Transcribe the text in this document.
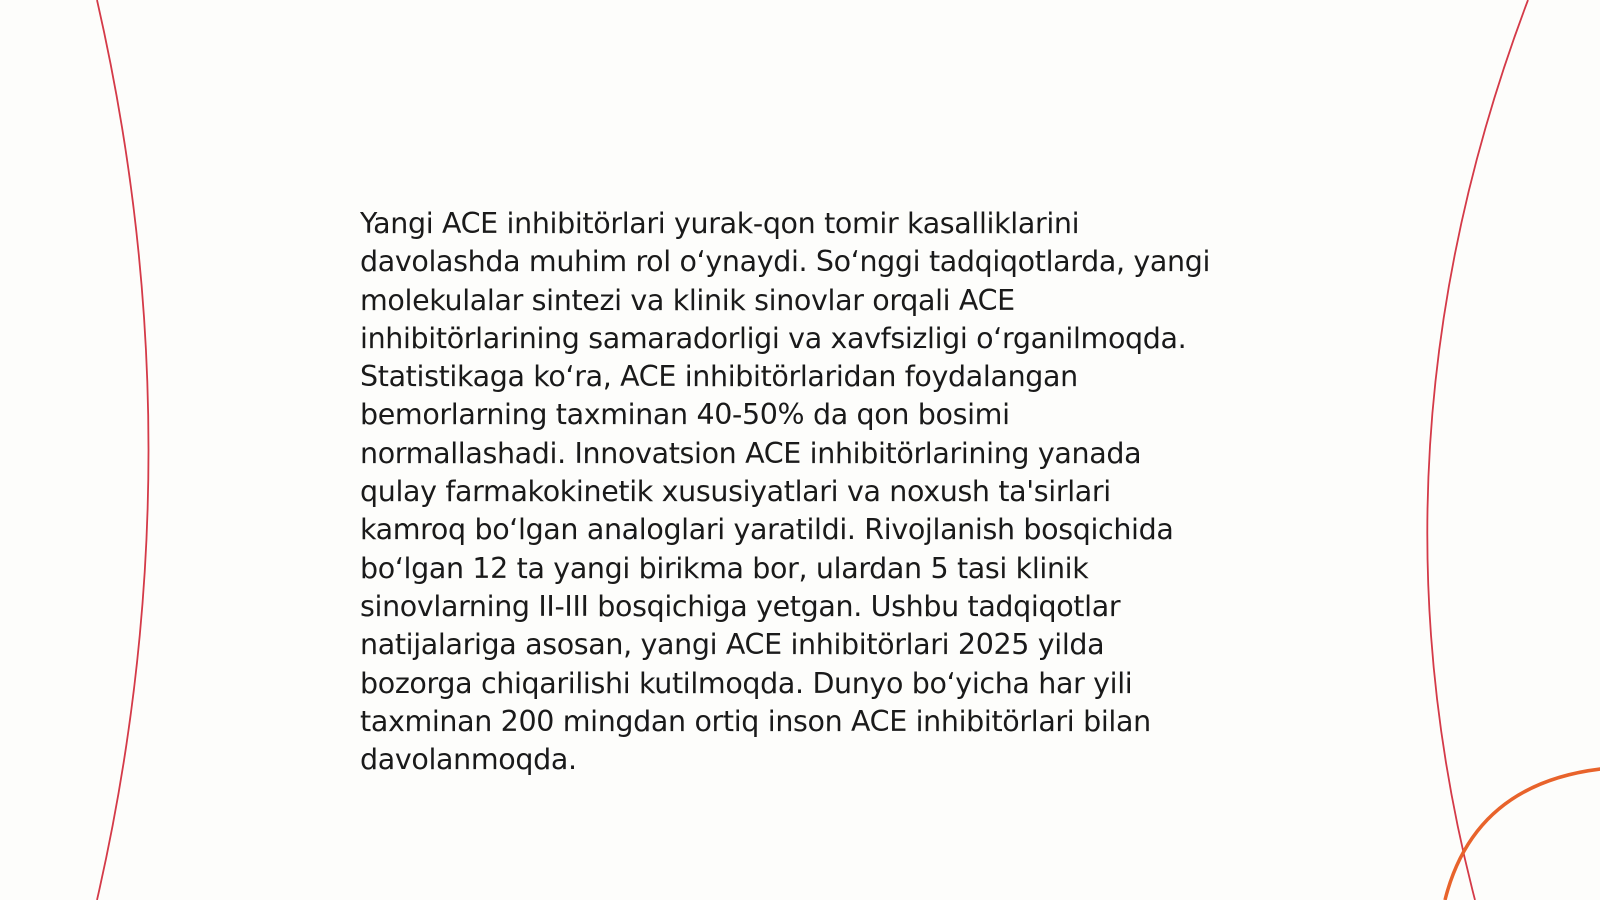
Yangi ACE inhibitörlari yurak-qon tomir kasalliklarini davolashda muhim rol oʻynaydi. Soʻnggi tadqiqotlarda, yangi molekulalar sintezi va klinik sinovlar orqali ACE inhibitörlarining samaradorligi va xavfsizligi oʻrganilmoqda. Statistikaga koʻra, ACE inhibitörlaridan foydalangan bemorlarning taxminan 40-50% da qon bosimi normallashadi. Innovatsion ACE inhibitörlarining yanada qulay farmakokinetik xususiyatlari va noxush ta'sirlari kamroq boʻlgan analoglari yaratildi. Rivojlanish bosqichida boʻlgan 12 ta yangi birikma bor, ulardan 5 tasi klinik sinovlarning II-III bosqichiga yetgan. Ushbu tadqiqotlar natijalariga asosan, yangi ACE inhibitörlari 2025 yilda bozorga chiqarilishi kutilmoqda. Dunyo boʻyicha har yili taxminan 200 mingdan ortiq inson ACE inhibitörlari bilan davolanmoqda.
